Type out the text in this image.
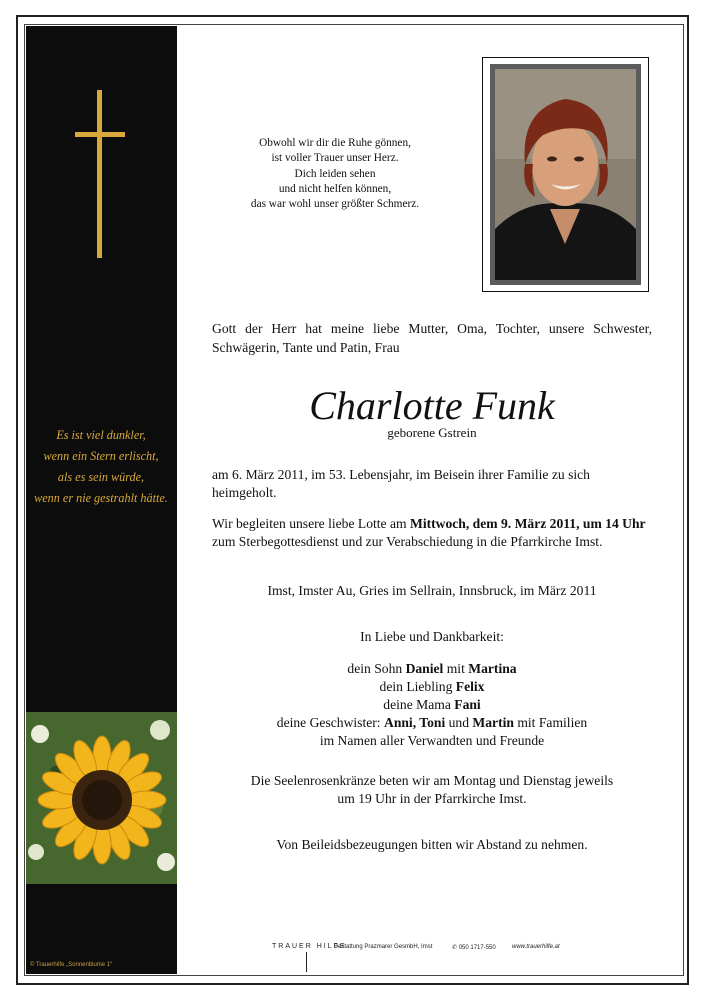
Es ist viel dunkler,
wenn ein Stern erlischt,
als es sein würde,
wenn er nie gestrahlt hätte.
© Trauerhilfe „Sonnenblume 1“
Obwohl wir dir die Ruhe gönnen,
ist voller Trauer unser Herz.
Dich leiden sehen
und nicht helfen können,
das war wohl unser größter Schmerz.
Gott der Herr hat meine liebe Mutter, Oma, Tochter, unsere Schwester, Schwägerin, Tante und Patin, Frau
Charlotte Funk
geborene Gstrein
am 6. März 2011, im 53. Lebensjahr, im Beisein ihrer Familie zu sich heimgeholt.
Wir begleiten unsere liebe Lotte am Mittwoch, dem 9. März 2011, um 14 Uhr zum Sterbegottesdienst und zur Verabschiedung in die Pfarrkirche Imst.
Imst, Imster Au, Gries im Sellrain, Innsbruck, im März 2011
In Liebe und Dankbarkeit:
dein Sohn Daniel mit Martina
dein Liebling Felix
deine Mama Fani
deine Geschwister: Anni, Toni und Martin mit Familien
im Namen aller Verwandten und Freunde
Die Seelenrosenkränze beten wir am Montag und Dienstag jeweils
um 19 Uhr in der Pfarrkirche Imst.
Von Beileidsbezeugungen bitten wir Abstand zu nehmen.
TRAUER HILFE
Bestattung Prazmarer GesmbH, Imst	✆ 050 1717-550	www.trauerhilfe.at
